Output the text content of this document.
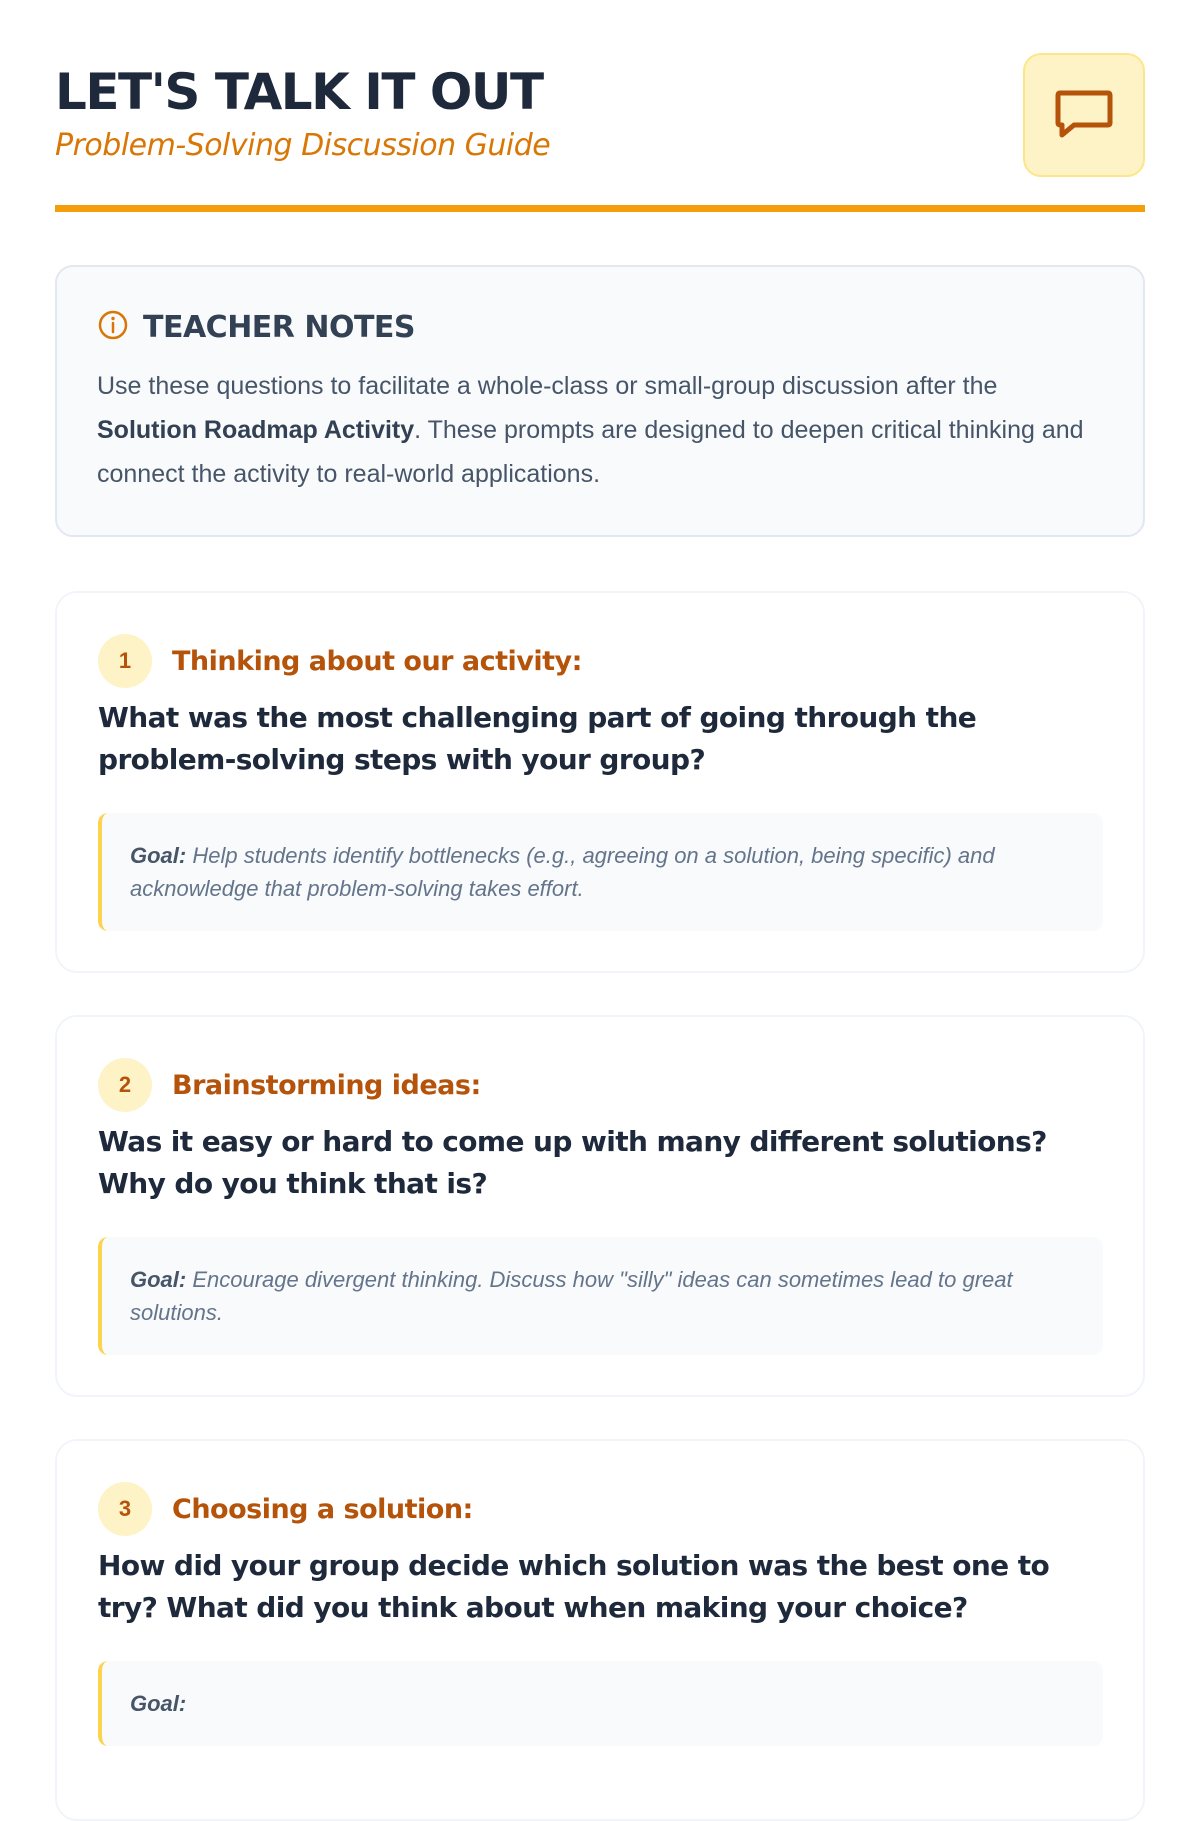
LET'S TALK IT OUT
Problem-Solving Discussion Guide
TEACHER NOTES

Use these questions to facilitate a whole-class or small-group discussion after the Solution Roadmap Activity. These prompts are designed to deepen critical thinking and connect the activity to real-world applications.

1	Thinking about our activity:
What was the most challenging part of going through the problem-solving steps with your group?
Goal: Help students identify bottlenecks (e.g., agreeing on a solution, being specific) and acknowledge that problem-solving takes effort.
2	Brainstorming ideas:
Was it easy or hard to come up with many different solutions? Why do you think that is?
Goal: Encourage divergent thinking. Discuss how "silly" ideas can sometimes lead to great solutions.
3	Choosing a solution:
How did your group decide which solution was the best one to try? What did you think about when making your choice?
Goal:
